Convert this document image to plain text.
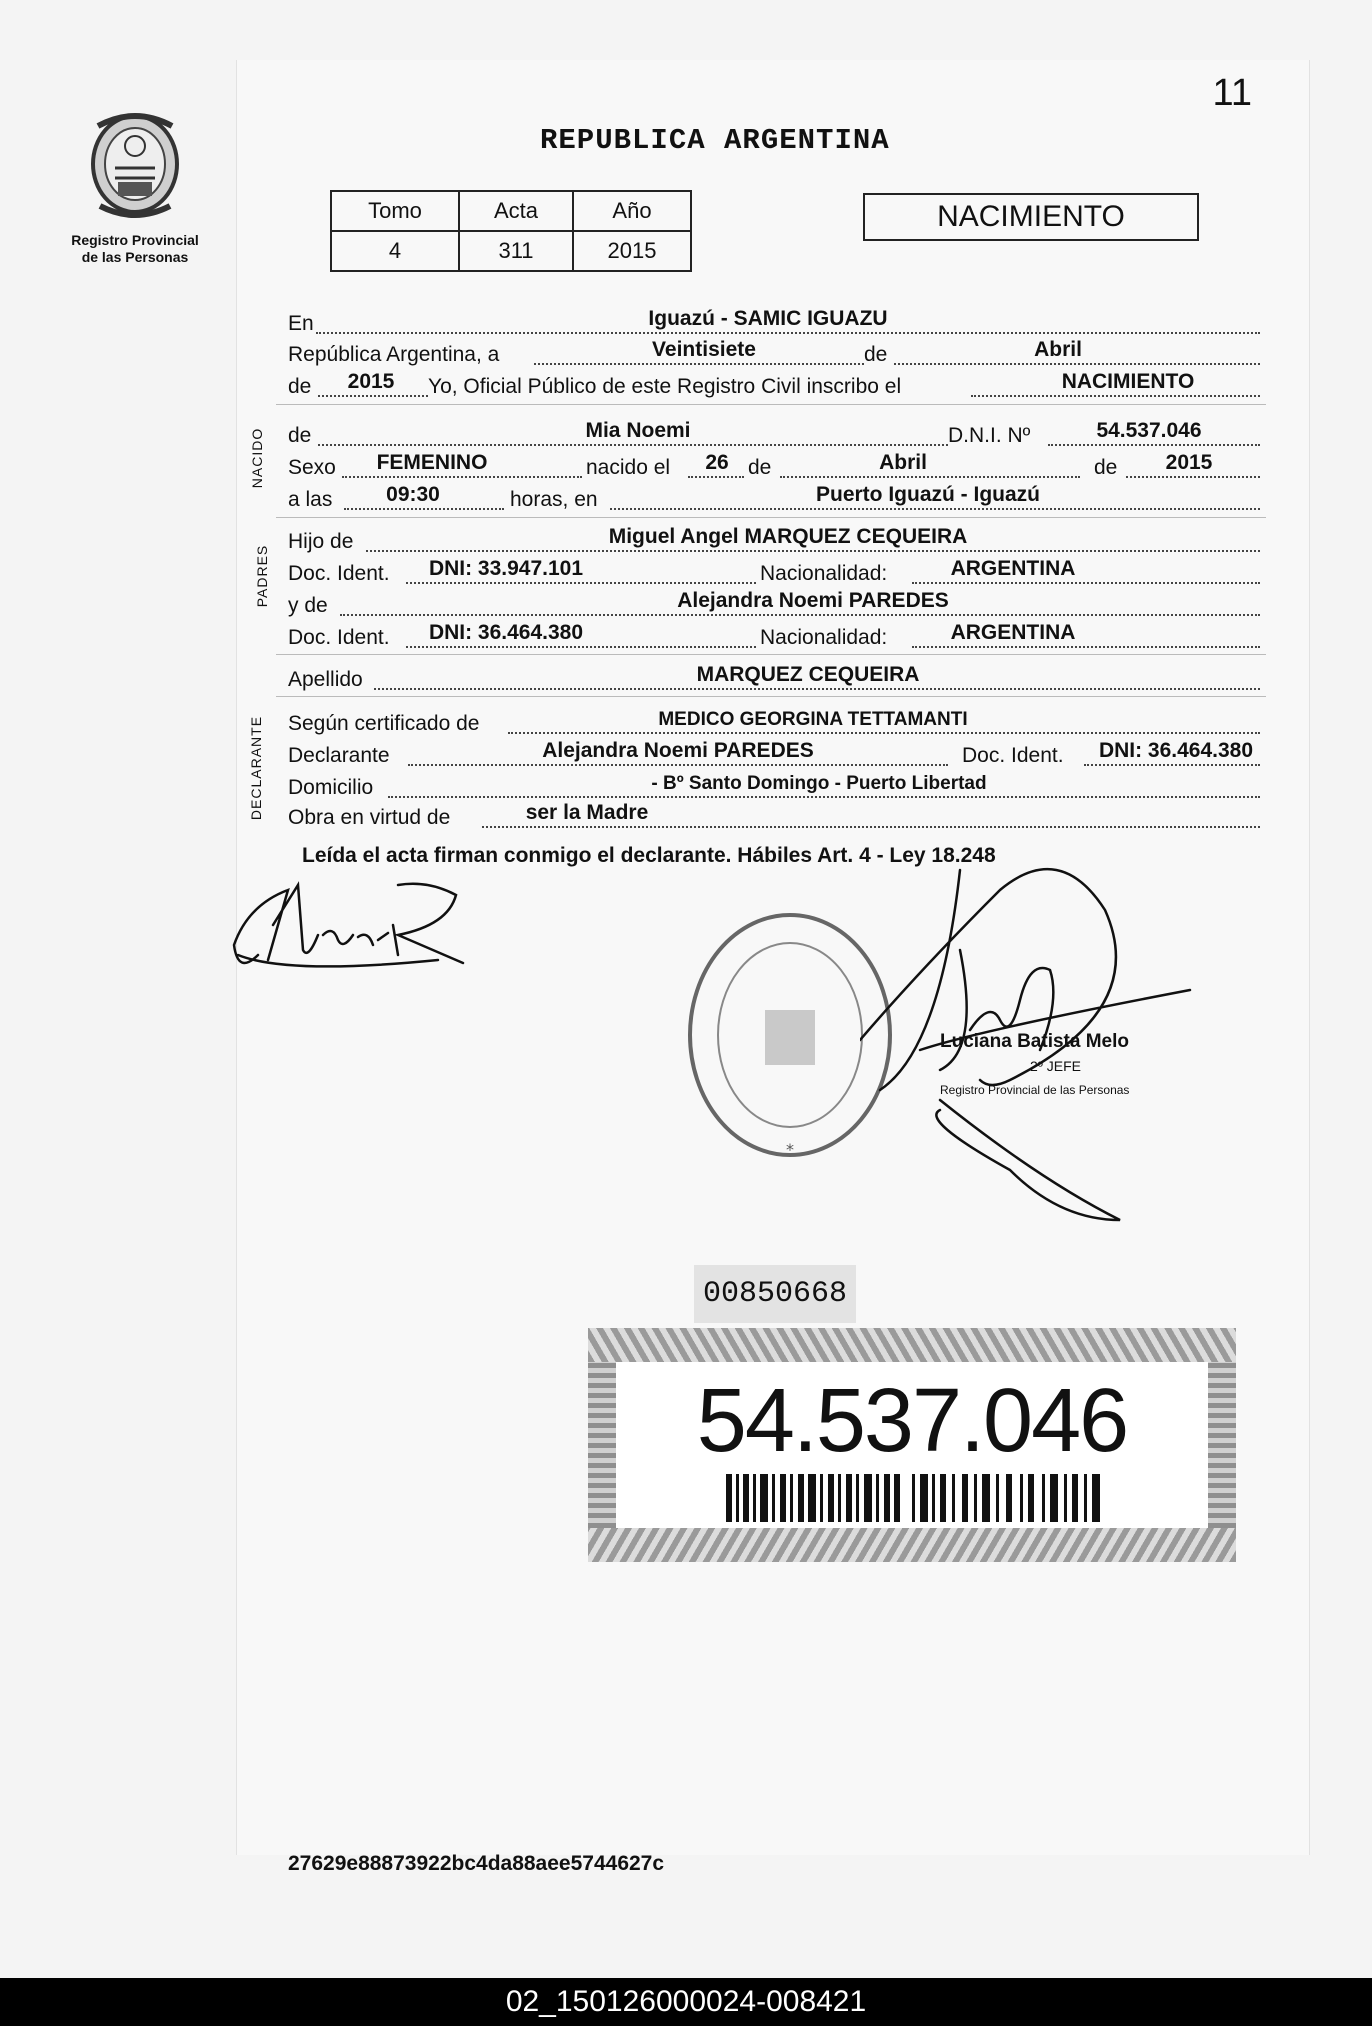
11
Registro Provincial
de las Personas
REPUBLICA ARGENTINA
Tomo	Acta	Año
4	311	2015
NACIMIENTO
En	Iguazú - SAMIC IGUAZU
República Argentina, a	Veintisiete	de	Abril
de	2015	Yo, Oficial Público de este Registro Civil inscribo el	NACIMIENTO
NACIDO de	Mia Noemi	D.N.I. Nº	54.537.046
Sexo	FEMENINO	nacido el	26 de	Abril	de	2015
a las	09:30	horas, en	Puerto Iguazú - Iguazú
PADRES
Hijo de	Miguel Angel MARQUEZ CEQUEIRA
Doc. Ident.	DNI: 33.947.101	Nacionalidad:	ARGENTINA
y de	Alejandra Noemi PAREDES
Doc. Ident.	DNI: 36.464.380	Nacionalidad:	ARGENTINA
Apellido	MARQUEZ CEQUEIRA
DECLARANTE Según certificado de	MEDICO GEORGINA TETTAMANTI
Declarante	Alejandra Noemi PAREDES	Doc. Ident.	DNI: 36.464.380
Domicilio	- Bº Santo Domingo - Puerto Libertad
Obra en virtud de	ser la Madre
Leída el acta firman conmigo el declarante. Hábiles Art. 4 - Ley 18.248
*
Luciana Batista Melo
2º JEFE
Registro Provincial de las Personas
00850668
54.537.046
27629e88873922bc4da88aee5744627c
02_150126000024-008421
